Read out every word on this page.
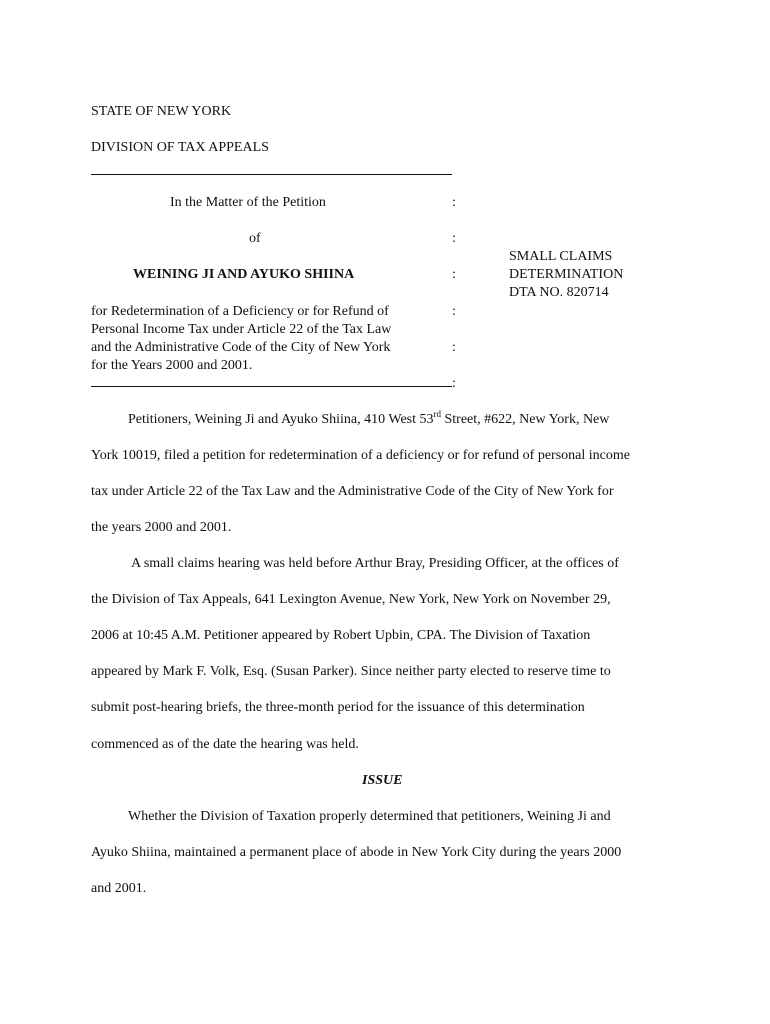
STATE OF NEW YORK
DIVISION OF TAX APPEALS
In the Matter of the Petition
of
WEINING JI AND AYUKO SHIINA
for Redetermination of a Deficiency or for Refund of
Personal Income Tax under Article 22 of the Tax Law
and the Administrative Code of the City of New York
for the Years 2000 and 2001.
:
:
:
:
:
:
SMALL CLAIMS
DETERMINATION
DTA NO. 820714
Petitioners, Weining Ji and Ayuko Shiina, 410 West 53rd Street, #622, New York, New
York 10019, filed a petition for redetermination of a deficiency or for refund of personal income
tax under Article 22 of the Tax Law and the Administrative Code of the City of New York for
the years 2000 and 2001.
A small claims hearing was held before Arthur Bray, Presiding Officer, at the offices of
the Division of Tax Appeals, 641 Lexington Avenue, New York, New York on November 29,
2006 at 10:45 A.M. Petitioner appeared by Robert Upbin, CPA. The Division of Taxation
appeared by Mark F. Volk, Esq. (Susan Parker). Since neither party elected to reserve time to
submit post-hearing briefs, the three-month period for the issuance of this determination
commenced as of the date the hearing was held.
ISSUE
Whether the Division of Taxation properly determined that petitioners, Weining Ji and
Ayuko Shiina, maintained a permanent place of abode in New York City during the years 2000
and 2001.
